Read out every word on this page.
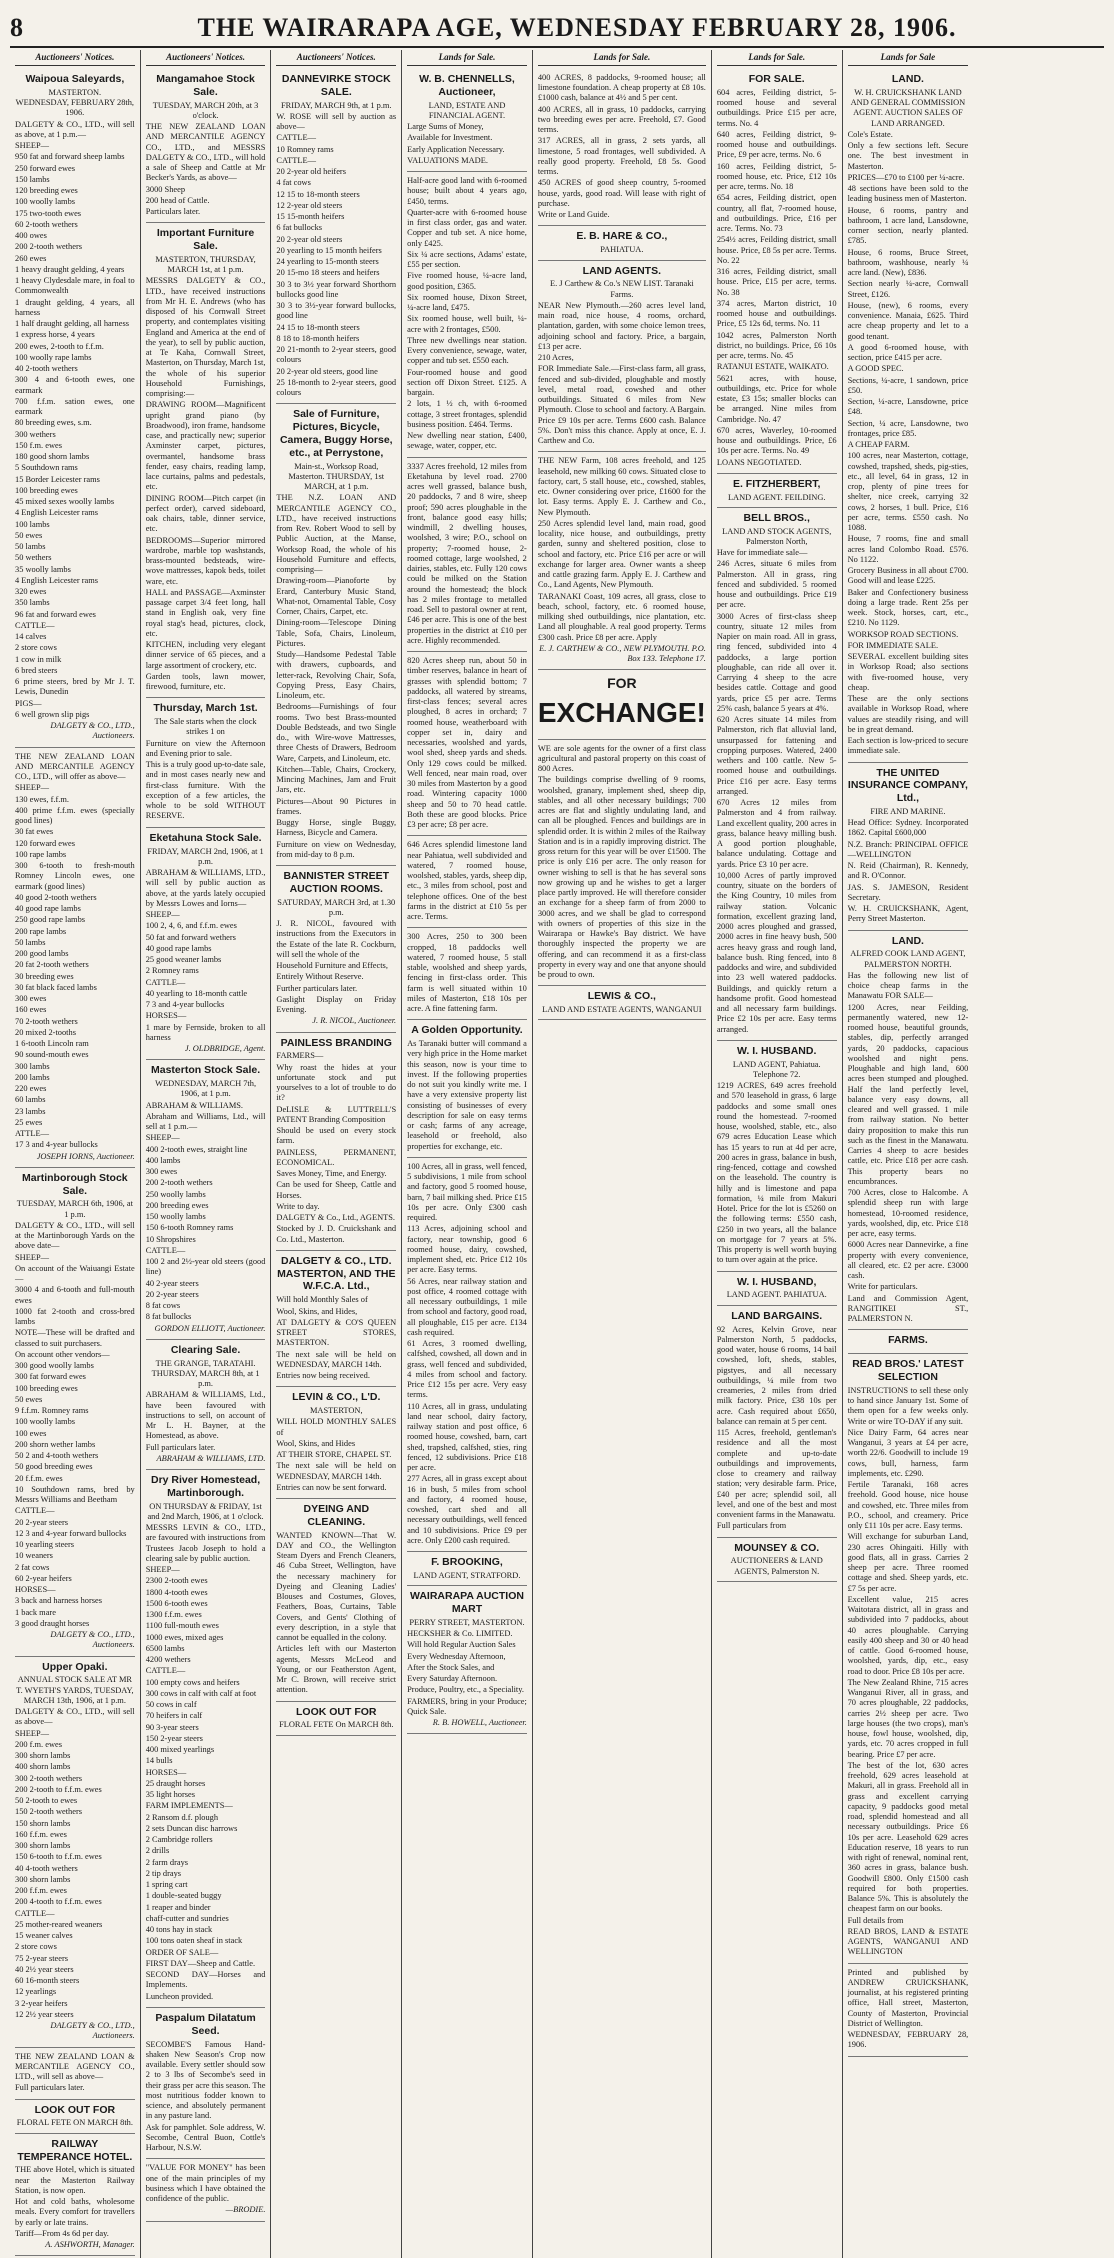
8	THE WAIRARAPA AGE, WEDNESDAY FEBRUARY 28, 1906.
Auctioneers' Notices.
Waipoua Saleyards,
MASTERTON.
WEDNESDAY, FEBRUARY 28th, 1906.

DALGETY & CO., LTD., will sell as above, at 1 p.m.—

SHEEP—

950 fat and forward sheep lambs

250 forward ewes

150 lambs

120 breeding ewes

100 woolly lambs

175 two-tooth ewes

60 2-tooth wethers

400 owes

200 2-tooth wethers

260 ewes

1 heavy draught gelding, 4 years

1 heavy Clydesdale mare, in foal to Commonwealth

1 draught gelding, 4 years, all harness

1 half draught gelding, all harness

1 express horse, 4 years

200 ewes, 2-tooth to f.f.m.

100 woolly rape lambs

40 2-tooth wethers

300 4 and 6-tooth ewes, one earmark

700 f.f.m. sation ewes, one earmark

80 breeding ewes, s.m.

300 wethers

150 f.m. ewes

180 good shorn lambs

5 Southdown rams

15 Border Leicester rams

100 breeding ewes

45 mixed sexes woolly lambs

4 English Leicester rams

100 lambs

50 ewes

50 lambs

50 wethers

35 woolly lambs

4 English Leicester rams

320 ewes

350 lambs

96 fat and forward ewes

CATTLE—

14 calves

2 store cows

1 cow in milk

6 bred steers

6 prime steers, bred by Mr J. T. Lewis, Dunedin

PIGS—

6 well grown slip pigs

DALGETY & CO., LTD., Auctioneers.

THE NEW ZEALAND LOAN AND MERCANTILE AGENCY CO., LTD., will offer as above—

SHEEP—

130 ewes, f.f.m.

400 prime f.f.m. ewes (specially good lines)

30 fat ewes

120 forward ewes

100 rape lambs

300 6-tooth to fresh-mouth Romney Lincoln ewes, one earmark (good lines)

40 good 2-tooth wethers

40 good rape lambs

250 good rape lambs

200 rape lambs

50 lambs

200 good lambs

20 fat 2-tooth wethers

30 breeding ewes

30 fat black faced lambs

300 ewes

160 ewes

70 2-tooth wethers

20 mixed 2-tooths

1 6-tooth Lincoln ram

90 sound-mouth ewes

300 lambs

200 lambs

220 ewes

60 lambs

23 lambs

25 ewes

ATTLE—

17 3 and 4-year bullocks

JOSEPH IORNS, Auctioneer.

Martinborough Stock Sale.
TUESDAY, MARCH 6th, 1906, at 1 p.m.

DALGETY & CO., LTD., will sell at the Martinborough Yards on the above date—

SHEEP—

On account of the Waiuangi Estate—

3000 4 and 6-tooth and full-mouth ewes

1000 fat 2-tooth and cross-bred lambs

NOTE—These will be drafted and classed to suit purchasers.

On account other vendors—

300 good woolly lambs

300 fat forward ewes

100 breeding ewes

50 ewes

9 f.f.m. Romney rams

100 woolly lambs

100 ewes

200 shorn wether lambs

50 2 and 4-tooth wethers

50 good breeding ewes

20 f.f.m. ewes

10 Southdown rams, bred by Messrs Williams and Beetham

CATTLE—

20 2-year steers

12 3 and 4-year forward bullocks

10 yearling steers

10 weaners

2 fat cows

60 2-year heifers

HORSES—

3 back and harness horses

1 back mare

3 good draught horses

DALGETY & CO., LTD., Auctioneers.

Upper Opaki.
ANNUAL STOCK SALE AT MR T. WYETH'S YARDS, TUESDAY, MARCH 13th, 1906, at 1 p.m.

DALGETY & CO., LTD., will sell as above—

SHEEP—

200 f.m. ewes

300 shorn lambs

400 shorn lambs

300 2-tooth wethers

200 2-tooth to f.f.m. ewes

50 2-tooth to ewes

150 2-tooth wethers

150 shorn lambs

160 f.f.m. ewes

300 shorn lambs

150 6-tooth to f.f.m. ewes

40 4-tooth wethers

300 shorn lambs

200 f.f.m. ewes

200 4-tooth to f.f.m. ewes

CATTLE—

25 mother-reared weaners

15 weaner calves

2 store cows

75 2-year steers

40 2½ year steers

60 16-month steers

12 yearlings

3 2-year heifers

12 2½ year steers

DALGETY & CO., LTD., Auctioneers.

THE NEW ZEALAND LOAN & MERCANTILE AGENCY CO., LTD., will sell as above—

Full particulars later.

LOOK OUT FOR
FLORAL FETE ON MARCH 8th.
RAILWAY TEMPERANCE HOTEL.

THE above Hotel, which is situated near the Masterton Railway Station, is now open.

Hot and cold baths, wholesome meals. Every comfort for travellers by early or late trains.

Tariff—From 4s 6d per day.

A. ASHWORTH, Manager.

Auctioneers' Notices.
Mangamahoe Stock Sale.
TUESDAY, MARCH 20th, at 3 o'clock.

THE NEW ZEALAND LOAN AND MERCANTILE AGENCY CO., LTD., and MESSRS DALGETY & CO., LTD., will hold a sale of Sheep and Cattle at Mr Becker's Yards, as above—

3000 Sheep

200 head of Cattle.

Particulars later.

Important Furniture Sale.
MASTERTON, THURSDAY, MARCH 1st, at 1 p.m.

MESSRS DALGETY & CO., LTD., have received instructions from Mr H. E. Andrews (who has disposed of his Cornwall Street property, and contemplates visiting England and America at the end of the year), to sell by public auction, at Te Kaha, Cornwall Street, Masterton, on Thursday, March 1st, the whole of his superior Household Furnishings, comprising:—

DRAWING ROOM—Magnificent upright grand piano (by Broadwood), iron frame, handsome case, and practically new; superior Axminster carpet, pictures, overmantel, handsome brass fender, easy chairs, reading lamp, lace curtains, palms and pedestals, etc.

DINING ROOM—Pitch carpet (in perfect order), carved sideboard, oak chairs, table, dinner service, etc.

BEDROOMS—Superior mirrored wardrobe, marble top washstands, brass-mounted bedsteads, wire-wove mattresses, kapok beds, toilet ware, etc.

HALL and PASSAGE—Axminster passage carpet 3/4 feet long, hall stand in English oak, very fine royal stag's head, pictures, clock, etc.

KITCHEN, including very elegant dinner service of 65 pieces, and a large assortment of crockery, etc.

Garden tools, lawn mower, firewood, furniture, etc.

Thursday, March 1st.
The Sale starts when the clock strikes 1 on

Furniture on view the Afternoon and Evening prior to sale.

This is a truly good up-to-date sale, and in most cases nearly new and first-class furniture. With the exception of a few articles, the whole to be sold WITHOUT RESERVE.

Eketahuna Stock Sale.
FRIDAY, MARCH 2nd, 1906, at 1 p.m.

ABRAHAM & WILLIAMS, LTD., will sell by public auction as above, at the yards lately occupied by Messrs Lowes and Iorns—

SHEEP—

100 2, 4, 6, and f.f.m. ewes

50 fat and forward wethers

40 good rape lambs

25 good weaner lambs

2 Romney rams

CATTLE—

40 yearling to 18-month cattle

7 3 and 4-year bullocks

HORSES—

1 mare by Fernside, broken to all harness

J. OLDBRIDGE, Agent.

Masterton Stock Sale.
WEDNESDAY, MARCH 7th, 1906, at 1 p.m.

ABRAHAM & WILLIAMS.

Abraham and Williams, Ltd., will sell at 1 p.m.—

SHEEP—

400 2-tooth ewes, straight line

400 lambs

300 ewes

200 2-tooth wethers

250 woolly lambs

200 breeding ewes

150 woolly lambs

150 6-tooth Romney rams

10 Shropshires

CATTLE—

100 2 and 2½-year old steers (good line)

40 2-year steers

20 2-year steers

8 fat cows

8 fat bullocks

GORDON ELLIOTT, Auctioneer.

Clearing Sale.
THE GRANGE, TARATAHI. THURSDAY, MARCH 8th, at 1 p.m.

ABRAHAM & WILLIAMS, Ltd., have been favoured with instructions to sell, on account of Mr L. H. Bayner, at the Homestead, as above.

Full particulars later.

ABRAHAM & WILLIAMS, LTD.

Dry River Homestead, Martinborough.
ON THURSDAY & FRIDAY, 1st and 2nd March, 1906, at 1 o'clock.

MESSRS LEVIN & CO., LTD., are favoured with instructions from Trustees Jacob Joseph to hold a clearing sale by public auction.

SHEEP—

2300 2-tooth ewes

1800 4-tooth ewes

1500 6-tooth ewes

1300 f.f.m. ewes

1100 full-mouth ewes

1000 ewes, mixed ages

6500 lambs

4200 wethers

CATTLE—

100 empty cows and heifers

300 cows in calf with calf at foot

50 cows in calf

70 heifers in calf

90 3-year steers

150 2-year steers

400 mixed yearlings

14 bulls

HORSES—

25 draught horses

35 light horses

FARM IMPLEMENTS—

2 Ransom d.f. plough

2 sets Duncan disc harrows

2 Cambridge rollers

2 drills

2 farm drays

2 tip drays

1 spring cart

1 double-seated buggy

1 reaper and binder

chaff-cutter and sundries

40 tons hay in stack

100 tons oaten sheaf in stack

ORDER OF SALE—

FIRST DAY—Sheep and Cattle.

SECOND DAY—Horses and Implements.

Luncheon provided.

Paspalum Dilatatum Seed.

SECOMBE'S Famous Hand-shaken New Season's Crop now available. Every settler should sow 2 to 3 lbs of Secombe's seed in their grass per acre this season. The most nutritious fodder known to science, and absolutely permanent in any pasture land.

Ask for pamphlet. Sole address, W. Secombe, Central Buon, Cottle's Harbour, N.S.W.

"VALUE FOR MONEY" has been one of the main principles of my business which I have obtained the confidence of the public.

—BRODIE.

Auctioneers' Notices.
DANNEVIRKE STOCK SALE.
FRIDAY, MARCH 9th, at 1 p.m.

W. ROSE will sell by auction as above—

CATTLE—

10 Romney rams

CATTLE—

20 2-year old heifers

4 fat cows

12 15 to 18-month steers

12 2-year old steers

15 15-month heifers

6 fat bullocks

20 2-year old steers

20 yearling to 15 month heifers

24 yearling to 15-month steers

20 15-mo 18 steers and heifers

30 3 to 3½ year forward Shorthorn bullocks good line

30 3 to 3½-year forward bullocks, good line

24 15 to 18-month steers

8 18 to 18-month heifers

20 21-month to 2-year steers, good colours

20 2-year old steers, good line

25 18-month to 2-year steers, good colours

Sale of Furniture, Pictures, Bicycle, Camera, Buggy Horse, etc., at Perrystone,
Main-st., Worksop Road, Masterton. THURSDAY, 1st MARCH, at 1 p.m.

THE N.Z. LOAN AND MERCANTILE AGENCY CO., LTD., have received instructions from Rev. Robert Wood to sell by Public Auction, at the Manse, Worksop Road, the whole of his Household Furniture and effects, comprising—

Drawing-room—Pianoforte by Erard, Canterbury Music Stand, What-not, Ornamental Table, Cosy Corner, Chairs, Carpet, etc.

Dining-room—Telescope Dining Table, Sofa, Chairs, Linoleum, Pictures.

Study—Handsome Pedestal Table with drawers, cupboards, and letter-rack, Revolving Chair, Sofa, Copying Press, Easy Chairs, Linoleum, etc.

Bedrooms—Furnishings of four rooms. Two best Brass-mounted Double Bedsteads, and two Single do., with Wire-wove Mattresses, three Chests of Drawers, Bedroom Ware, Carpets, and Linoleum, etc.

Kitchen—Table, Chairs, Crockery, Mincing Machines, Jam and Fruit Jars, etc.

Pictures—About 90 Pictures in frames.

Buggy Horse, single Buggy, Harness, Bicycle and Camera.

Furniture on view on Wednesday, from mid-day to 8 p.m.

BANNISTER STREET AUCTION ROOMS.
SATURDAY, MARCH 3rd, at 1.30 p.m.

J. R. NICOL, favoured with instructions from the Executors in the Estate of the late R. Cockburn, will sell the whole of the

Household Furniture and Effects,

Entirely Without Reserve.

Further particulars later.

Gaslight Display on Friday Evening.

J. R. NICOL, Auctioneer.

PAINLESS BRANDING

FARMERS—

Why roast the hides at your unfortunate stock and put yourselves to a lot of trouble to do it?

DeLISLE & LUTTRELL'S PATENT Branding Composition

Should be used on every stock farm.

PAINLESS, PERMANENT, ECONOMICAL.

Saves Money, Time, and Energy.

Can be used for Sheep, Cattle and Horses.

Write to day.

DALGETY & Co., Ltd., AGENTS.

Stocked by J. D. Cruickshank and Co. Ltd., Masterton.

DALGETY & CO., LTD. MASTERTON, AND THE W.F.C.A. Ltd.,

Will hold Monthly Sales of

Wool, Skins, and Hides,

AT DALGETY & CO'S QUEEN STREET STORES, MASTERTON.

The next sale will be held on WEDNESDAY, MARCH 14th.

Entries now being received.

LEVIN & CO., L'D.
MASTERTON,

WILL HOLD MONTHLY SALES of

Wool, Skins, and Hides

AT THEIR STORE, CHAPEL ST.

The next sale will be held on WEDNESDAY, MARCH 14th.

Entries can now be sent forward.

DYEING AND CLEANING.

WANTED KNOWN—That W. DAY and CO., the Wellington Steam Dyers and French Cleaners, 46 Cuba Street, Wellington, have the necessary machinery for Dyeing and Cleaning Ladies' Blouses and Costumes, Gloves, Feathers, Boas, Curtains, Table Covers, and Gents' Clothing of every description, in a style that cannot be equalled in the colony.

Articles left with our Masterton agents, Messrs McLeod and Young, or our Featherston Agent, Mr C. Brown, will receive strict attention.

LOOK OUT FOR
FLORAL FETE On MARCH 8th.
Lands for Sale.
W. B. CHENNELLS, Auctioneer,
LAND, ESTATE AND FINANCIAL AGENT.

Large Sums of Money,

Available for Investment.

Early Application Necessary.

VALUATIONS MADE.

Half-acre good land with 6-roomed house; built about 4 years ago, £450, terms.

Quarter-acre with 6-roomed house in first class order, gas and water. Copper and tub set. A nice home, only £425.

Six ¼ acre sections, Adams' estate, £55 per section.

Five roomed house, ¼-acre land, good position, £365.

Six roomed house, Dixon Street, ¼-acre land, £475.

Six roomed house, well built, ¼-acre with 2 frontages, £500.

Three new dwellings near station. Every convenience, sewage, water, copper and tub set. £550 each.

Four-roomed house and good section off Dixon Street. £125. A bargain.

2 lots, 1 ½ ch, with 6-roomed cottage, 3 street frontages, splendid business position. £464. Terms.

New dwelling near station, £400, sewage, water, copper, etc.

3337 Acres freehold, 12 miles from Eketahuna by level road. 2700 acres well grassed, balance bush, 20 paddocks, 7 and 8 wire, sheep proof; 590 acres ploughable in the front, balance good easy hills; windmill, 2 dwelling houses, woolshed, 3 wire; P.O., school on property; 7-roomed house, 2-roomed cottage, large woolshed, 2 dairies, stables, etc. Fully 120 cows could be milked on the Station around the homestead; the block has 2 miles frontage to metalled road. Sell to pastoral owner at rent, £46 per acre. This is one of the best properties in the district at £10 per acre. Highly recommended.

820 Acres sheep run, about 50 in timber reserves, balance in heart of grasses with splendid bottom; 7 paddocks, all watered by streams, first-class fences; several acres ploughed, 8 acres in orchard; 7 roomed house, weatherboard with copper set in, dairy and necessaries, woolshed and yards, wool shed, sheep yards and sheds. Only 129 cows could be milked. Well fenced, near main road, over 30 miles from Masterton by a good road. Wintering capacity 1000 sheep and 50 to 70 head cattle. Both these are good blocks. Price £3 per acre; £8 per acre.

646 Acres splendid limestone land near Pahiatua, well subdivided and watered, 7 roomed house, woolshed, stables, yards, sheep dip, etc., 3 miles from school, post and telephone offices. One of the best farms in the district at £10 5s per acre. Terms.

300 Acres, 250 to 300 been cropped, 18 paddocks well watered, 7 roomed house, 5 stall stable, woolshed and sheep yards, fencing in first-class order. This farm is well situated within 10 miles of Masterton, £18 10s per acre. A fine fattening farm.

A Golden Opportunity.

As Taranaki butter will command a very high price in the Home market this season, now is your time to invest. If the following properties do not suit you kindly write me. I have a very extensive property list consisting of businesses of every description for sale on easy terms or cash; farms of any acreage, leasehold or freehold, also properties for exchange, etc.

100 Acres, all in grass, well fenced, 5 subdivisions, 1 mile from school and factory, good 5 roomed house, barn, 7 bail milking shed. Price £15 10s per acre. Only £300 cash required.

113 Acres, adjoining school and factory, near township, good 6 roomed house, dairy, cowshed, implement shed, etc. Price £12 10s per acre. Easy terms.

56 Acres, near railway station and post office, 4 roomed cottage with all necessary outbuildings, 1 mile from school and factory, good road, all ploughable, £15 per acre. £134 cash required.

61 Acres, 3 roomed dwelling, calfshed, cowshed, all down and in grass, well fenced and subdivided, 4 miles from school and factory. Price £12 15s per acre. Very easy terms.

110 Acres, all in grass, undulating land near school, dairy factory, railway station and post office, 6 roomed house, cowshed, barn, cart shed, trapshed, calfshed, sties, ring fenced, 12 subdivisions. Price £18 per acre.

277 Acres, all in grass except about 16 in bush, 5 miles from school and factory, 4 roomed house, cowshed, cart shed and all necessary outbuildings, well fenced and 10 subdivisions. Price £9 per acre. Only £200 cash required.

F. BROOKING,
LAND AGENT, STRATFORD.
WAIRARAPA AUCTION MART
PERRY STREET, MASTERTON.

HECKSHER & Co. LIMITED.

Will hold Regular Auction Sales

Every Wednesday Afternoon,

After the Stock Sales, and

Every Saturday Afternoon.

Produce, Poultry, etc., a Speciality.

FARMERS, bring in your Produce; Quick Sale.

R. B. HOWELL, Auctioneer.

Lands for Sale.

400 ACRES, 8 paddocks, 9-roomed house; all limestone foundation. A cheap property at £8 10s. £1000 cash, balance at 4½ and 5 per cent.

400 ACRES, all in grass, 10 paddocks, carrying two breeding ewes per acre. Freehold, £7. Good terms.

317 ACRES, all in grass, 2 sets yards, all limestone, 5 road frontages, well subdivided. A really good property. Freehold, £8 5s. Good terms.

450 ACRES of good sheep country, 5-roomed house, yards, good road. Will lease with right of purchase.

Write or Land Guide.

E. B. HARE & CO.,
PAHIATUA.
LAND AGENTS.
E. J Carthew & Co.'s NEW LIST. Taranaki Farms.

NEAR New Plymouth.—260 acres level land, main road, nice house, 4 rooms, orchard, plantation, garden, with some choice lemon trees, adjoining school and factory. Price, a bargain, £13 per acre.

210 Acres,

FOR Immediate Sale.—First-class farm, all grass, fenced and sub-divided, ploughable and mostly level, metal road, cowshed and other outbuildings. Situated 6 miles from New Plymouth. Close to school and factory. A Bargain. Price £9 10s per acre. Terms £600 cash. Balance 5%. Don't miss this chance. Apply at once, E. J. Carthew and Co.

THE NEW Farm, 108 acres freehold, and 125 leasehold, new milking 60 cows. Situated close to factory, cart, 5 stall house, etc., cowshed, stables, etc. Owner considering over price, £1600 for the lot. Easy terms. Apply E. J. Carthew and Co., New Plymouth.

250 Acres splendid level land, main road, good locality, nice house, and outbuildings, pretty garden, sunny and sheltered position, close to school and factory, etc. Price £16 per acre or will exchange for larger area. Owner wants a sheep and cattle grazing farm. Apply E. J. Carthew and Co., Land Agents, New Plymouth.

TARANAKI Coast, 109 acres, all grass, close to beach, school, factory, etc. 6 roomed house, milking shed outbuildings, nice plantation, etc. Land all ploughable. A real good property. Terms £300 cash. Price £8 per acre. Apply

E. J. CARTHEW & CO., NEW PLYMOUTH. P.O. Box 133. Telephone 17.

FOR
EXCHANGE!

WE are sole agents for the owner of a first class agricultural and pastoral property on this coast of 800 Acres.

The buildings comprise dwelling of 9 rooms, woolshed, granary, implement shed, sheep dip, stables, and all other necessary buildings; 700 acres are flat and slightly undulating land, and can all be ploughed. Fences and buildings are in splendid order. It is within 2 miles of the Railway Station and is in a rapidly improving district. The gross return for this year will be over £1500. The price is only £16 per acre. The only reason for owner wishing to sell is that he has several sons now growing up and he wishes to get a larger place partly improved. He will therefore consider an exchange for a sheep farm of from 2000 to 3000 acres, and we shall be glad to correspond with owners of properties of this size in the Wairarapa or Hawke's Bay district. We have thoroughly inspected the property we are offering, and can recommend it as a first-class property in every way and one that anyone should be proud to own.

LEWIS & CO.,
LAND AND ESTATE AGENTS, WANGANUI
Lands for Sale.
FOR SALE.

604 acres, Feilding district, 5-roomed house and several outbuildings. Price £15 per acre, terms. No. 4

640 acres, Feilding district, 9-roomed house and outbuildings. Price, £9 per acre, terms. No. 6

160 acres, Feilding district, 5-roomed house, etc. Price, £12 10s per acre, terms. No. 18

654 acres, Feilding district, open country, all flat, 7-roomed house, and outbuildings. Price, £16 per acre. Terms. No. 73

254½ acres, Feilding district, small house. Price, £8 5s per acre. Terms. No. 22

316 acres, Feilding district, small house. Price, £15 per acre, terms. No. 38

374 acres, Marton district, 10 roomed house and outbuildings. Price, £5 12s 6d, terms. No. 11

1042 acres, Palmerston North district, no buildings. Price, £6 10s per acre, terms. No. 45

RATANUI ESTATE, WAIKATO.

5621 acres, with house, outbuildings, etc. Price for whole estate, £3 15s; smaller blocks can be arranged. Nine miles from Cambridge. No. 47

670 acres, Waverley, 10-roomed house and outbuildings. Price, £6 10s per acre. Terms. No. 49

LOANS NEGOTIATED.

E. FITZHERBERT,
LAND AGENT. FEILDING.
BELL BROS.,
LAND AND STOCK AGENTS, Palmerston North,

Have for immediate sale—

246 Acres, situate 6 miles from Palmerston. All in grass, ring fenced and subdivided. 5 roomed house and outbuildings. Price £19 per acre.

3000 Acres of first-class sheep country, situate 12 miles from Napier on main road. All in grass, ring fenced, subdivided into 4 paddocks, a large portion ploughable, can ride all over it. Carrying 4 sheep to the acre besides cattle. Cottage and good yards, price £5 per acre. Terms 25% cash, balance 5 years at 4%.

620 Acres situate 14 miles from Palmerston, rich flat alluvial land, unsurpassed for fattening and cropping purposes. Watered, 2400 wethers and 100 cattle. New 5-roomed house and outbuildings. Price £16 per acre. Easy terms arranged.

670 Acres 12 miles from Palmerston and 4 from railway. Land excellent quality, 200 acres in grass, balance heavy milling bush. A good portion ploughable, balance undulating. Cottage and yards. Price £3 10 per acre.

10,000 Acres of partly improved country, situate on the borders of the King Country, 10 miles from railway station. Volcanic formation, excellent grazing land, 2000 acres ploughed and grassed, 2000 acres in fine heavy bush, 500 acres heavy grass and rough land, balance bush. Ring fenced, into 8 paddocks and wire, and subdivided into 23 well watered paddocks. Buildings, and quickly return a handsome profit. Good homestead and all necessary farm buildings. Price £2 10s per acre. Easy terms arranged.

W. I. HUSBAND.
LAND AGENT, Pahiatua. Telephone 72.

1219 ACRES, 649 acres freehold and 570 leasehold in grass, 6 large paddocks and some small ones round the homestead. 7-roomed house, woolshed, stable, etc., also 679 acres Education Lease which has 15 years to run at 4d per acre, 200 acres in grass, balance in bush, ring-fenced, cottage and cowshed on the leasehold. The country is hilly and is limestone and papa formation, ¼ mile from Makuri Hotel. Price for the lot is £5260 on the following terms: £550 cash, £250 in two years, all the balance on mortgage for 7 years at 5%. This property is well worth buying to turn over again at the price.

W. I. HUSBAND,
LAND AGENT. PAHIATUA.
LAND BARGAINS.

92 Acres, Kelvin Grove, near Palmerston North, 5 paddocks, good water, house 6 rooms, 14 bail cowshed, loft, sheds, stables, pigstyes, and all necessary outbuildings, ¼ mile from two creameries, 2 miles from dried milk factory. Price, £38 10s per acre. Cash required about £650, balance can remain at 5 per cent.

115 Acres, freehold, gentleman's residence and all the most complete and up-to-date outbuildings and improvements, close to creamery and railway station; very desirable farm. Price, £40 per acre; splendid soil, all level, and one of the best and most convenient farms in the Manawatu.

Full particulars from

MOUNSEY & CO.
AUCTIONEERS & LAND AGENTS, Palmerston N.
Lands for Sale
LAND.
W. H. CRUICKSHANK LAND AND GENERAL COMMISSION AGENT. AUCTION SALES OF LAND ARRANGED.

Cole's Estate.

Only a few sections left. Secure one. The best investment in Masterton.

PRICES—£70 to £100 per ¼-acre.

48 sections have been sold to the leading business men of Masterton.

House, 6 rooms, pantry and bathroom, 1 acre land, Lansdowne, corner section, nearly planted. £785.

House, 6 rooms, Bruce Street, bathroom, washhouse, nearly ¼ acre land. (New), £836.

Section nearly ¼-acre, Cornwall Street, £126.

House, (new), 6 rooms, every convenience. Manaia, £625. Third acre cheap property and let to a good tenant.

A good 6-roomed house, with section, price £415 per acre.

A GOOD SPEC.

Sections, ¼-acre, 1 sandown, price £50.

Section, ¼-acre, Lansdowne, price £48.

Section, ¼ acre, Lansdowne, two frontages, price £85.

A CHEAP FARM.

100 acres, near Masterton, cottage, cowshed, trapshed, sheds, pig-sties, etc., all level, 64 in grass, 12 in crop, plenty of pine trees for shelter, nice creek, carrying 32 cows, 2 horses, 1 bull. Price, £16 per acre, terms. £550 cash. No 1088.

House, 7 rooms, fine and small acres land Colombo Road. £576. No 1122.

Grocery Business in all about £700. Good will and lease £225.

Baker and Confectionery business doing a large trade. Rent 25s per week. Stock, horses, cart, etc., £210. No 1129.

WORKSOP ROAD SECTIONS.

FOR IMMEDIATE SALE.

SEVERAL excellent building sites in Worksop Road; also sections with five-roomed house, very cheap.

These are the only sections available in Worksop Road, where values are steadily rising, and will be in great demand.

Each section is low-priced to secure immediate sale.

THE UNITED INSURANCE COMPANY, Ltd.,
FIRE AND MARINE.

Head Office: Sydney. Incorporated 1862. Capital £600,000

N.Z. Branch: PRINCIPAL OFFICE—WELLINGTON

N. Reid (Chairman), R. Kennedy, and R. O'Connor.

JAS. S. JAMESON, Resident Secretary.

W. H. CRUICKSHANK, Agent, Perry Street Masterton.

LAND.
ALFRED COOK LAND AGENT, PALMERSTON NORTH.

Has the following new list of choice cheap farms in the Manawatu FOR SALE—

1200 Acres, near Feilding, permanently watered, new 12-roomed house, beautiful grounds, stables, dip, perfectly arranged yards, 20 paddocks, capacious woolshed and night pens. Ploughable and high land, 600 acres been stumped and ploughed. Half the land perfectly level, balance very easy downs, all cleared and well grassed. 1 mile from railway station. No better dairy proposition to make this run such as the finest in the Manawatu. Carries 4 sheep to acre besides cattle, etc. Price £18 per acre cash. This property bears no encumbrances.

700 Acres, close to Halcombe. A splendid sheep run with large homestead, 10-roomed residence, yards, woolshed, dip, etc. Price £18 per acre, easy terms.

6000 Acres near Dannevirke, a fine property with every convenience, all cleared, etc. £2 per acre. £3000 cash.

Write for particulars.

Land and Commission Agent, RANGITIKEI ST., PALMERSTON N.

FARMS.
READ BROS.' LATEST SELECTION

INSTRUCTIONS to sell these only to hand since January 1st. Some of them open for a few weeks only. Write or wire TO-DAY if any suit.

Nice Dairy Farm, 64 acres near Wanganui, 3 years at £4 per acre, worth 22/6. Goodwill to include 19 cows, bull, harness, farm implements, etc. £290.

Fertile Taranaki, 168 acres freehold. Good house, nice house and cowshed, etc. Three miles from P.O., school, and creamery. Price only £11 10s per acre. Easy terms.

Will exchange for suburban Land, 230 acres Ohingaiti. Hilly with good flats, all in grass. Carries 2 sheep per acre. Three roomed cottage and shed. Sheep yards, etc. £7 5s per acre.

Excellent value, 215 acres Waitotara district, all in grass and subdivided into 7 paddocks, about 40 acres ploughable. Carrying easily 400 sheep and 30 or 40 head of cattle. Good 6-roomed house, woolshed, yards, dip, etc., easy road to door. Price £8 10s per acre.

The New Zealand Rhine, 715 acres Wanganui River, all in grass, and 70 acres ploughable, 22 paddocks, carries 2½ sheep per acre. Two large houses (the two crops), man's house, fowl house, woolshed, dip, yards, etc. 70 acres cropped in full bearing. Price £7 per acre.

The best of the lot, 630 acres freehold, 629 acres leasehold at Makuri, all in grass. Freehold all in grass and excellent carrying capacity, 9 paddocks good metal road, splendid homestead and all necessary outbuildings. Price £6 10s per acre. Leasehold 629 acres Education reserve, 18 years to run with right of renewal, nominal rent, 360 acres in grass, balance bush. Goodwill £800. Only £1500 cash required for both properties. Balance 5%. This is absolutely the cheapest farm on our books.

Full details from

READ BROS, LAND & ESTATE AGENTS, WANGANUI AND WELLINGTON

Printed and published by ANDREW CRUICKSHANK, journalist, at his registered printing office, Hall street, Masterton, County of Masterton, Provincial District of Wellington.

WEDNESDAY, FEBRUARY 28, 1906.
